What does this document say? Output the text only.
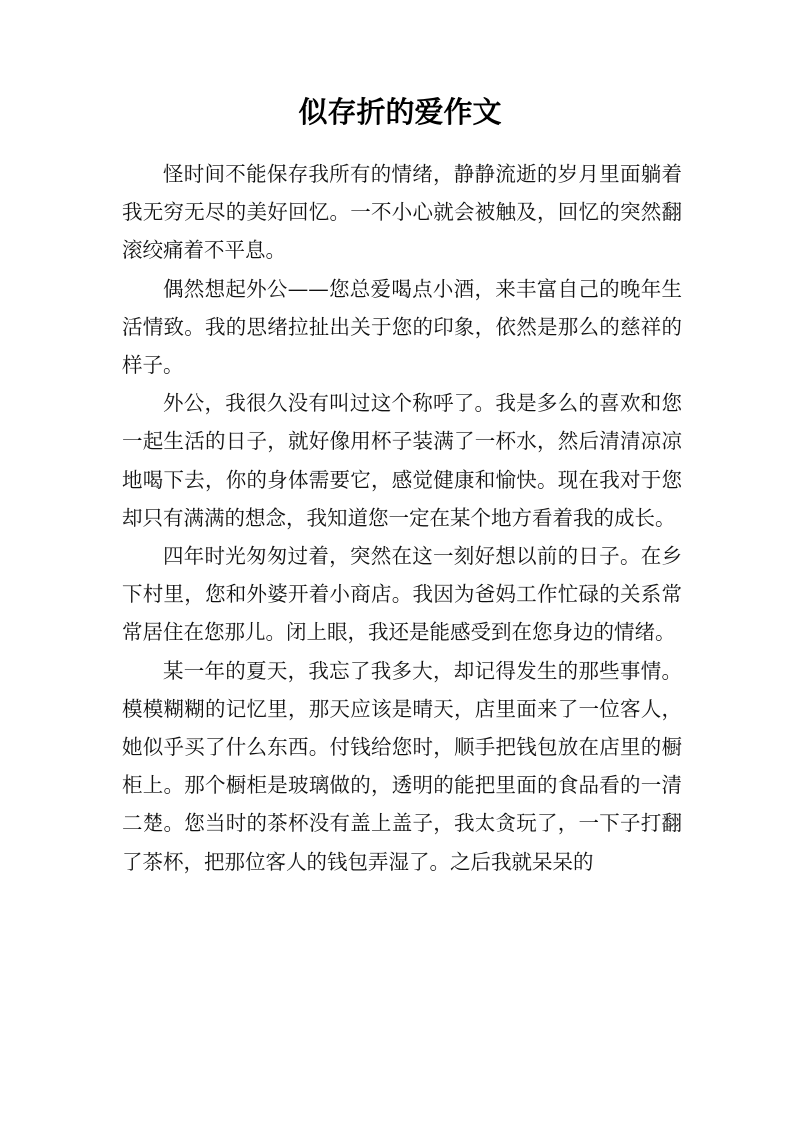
似存折的爱作文

怪时间不能保存我所有的情绪，静静流逝的岁月里面躺着我无穷无尽的美好回忆。一不小心就会被触及，回忆的突然翻滚绞痛着不平息。

偶然想起外公——您总爱喝点小酒，来丰富自己的晚年生活情致。我的思绪拉扯出关于您的印象，依然是那么的慈祥的样子。

外公，我很久没有叫过这个称呼了。我是多么的喜欢和您一起生活的日子，就好像用杯子装满了一杯水，然后清清凉凉地喝下去，你的身体需要它，感觉健康和愉快。现在我对于您却只有满满的想念，我知道您一定在某个地方看着我的成长。

四年时光匆匆过着，突然在这一刻好想以前的日子。在乡下村里，您和外婆开着小商店。我因为爸妈工作忙碌的关系常常居住在您那儿。闭上眼，我还是能感受到在您身边的情绪。

某一年的夏天，我忘了我多大，却记得发生的那些事情。模模糊糊的记忆里，那天应该是晴天，店里面来了一位客人，她似乎买了什么东西。付钱给您时，顺手把钱包放在店里的橱柜上。那个橱柜是玻璃做的，透明的能把里面的食品看的一清二楚。您当时的茶杯没有盖上盖子，我太贪玩了，一下子打翻了茶杯，把那位客人的钱包弄湿了。之后我就呆呆的
